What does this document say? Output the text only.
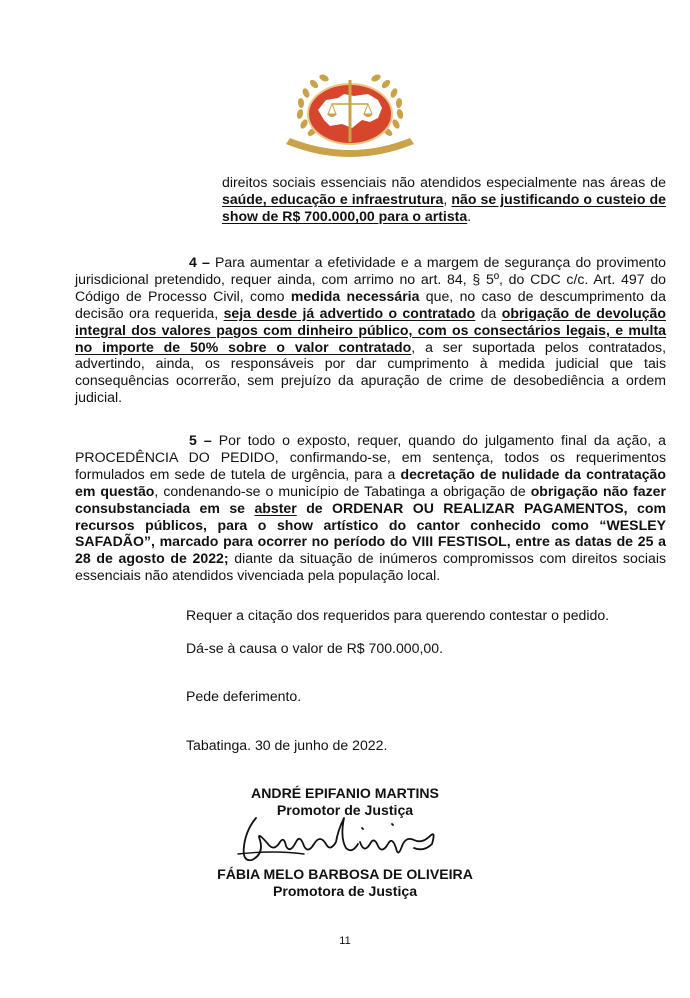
direitos sociais essenciais não atendidos especialmente nas áreas de saúde, educação e infraestrutura, não se justificando o custeio de show de R$ 700.000,00 para o artista.
4 – Para aumentar a efetividade e a margem de segurança do provimento jurisdicional pretendido, requer ainda, com arrimo no art. 84, § 5º, do CDC c/c. Art. 497 do Código de Processo Civil, como medida necessária que, no caso de descumprimento da decisão ora requerida, seja desde já advertido o contratado da obrigação de devolução integral dos valores pagos com dinheiro público, com os consectários legais, e multa no importe de 50% sobre o valor contratado, a ser suportada pelos contratados, advertindo, ainda, os responsáveis por dar cumprimento à medida judicial que tais consequências ocorrerão, sem prejuízo da apuração de crime de desobediência a ordem judicial.
5 – Por todo o exposto, requer, quando do julgamento final da ação, a PROCEDÊNCIA DO PEDIDO, confirmando-se, em sentença, todos os requerimentos formulados em sede de tutela de urgência, para a decretação de nulidade da contratação em questão, condenando-se o município de Tabatinga a obrigação de obrigação não fazer consubstanciada em se abster de ORDENAR OU REALIZAR PAGAMENTOS, com recursos públicos, para o show artístico do cantor conhecido como “WESLEY SAFADÃO”, marcado para ocorrer no período do VIII FESTISOL, entre as datas de 25 a 28 de agosto de 2022; diante da situação de inúmeros compromissos com direitos sociais essenciais não atendidos vivenciada pela população local.
Requer a citação dos requeridos para querendo contestar o pedido.
Dá-se à causa o valor de R$ 700.000,00.
Pede deferimento.
Tabatinga. 30 de junho de 2022.
ANDRÉ EPIFANIO MARTINS
Promotor de Justiça
FÁBIA MELO BARBOSA DE OLIVEIRA
Promotora de Justiça
11
